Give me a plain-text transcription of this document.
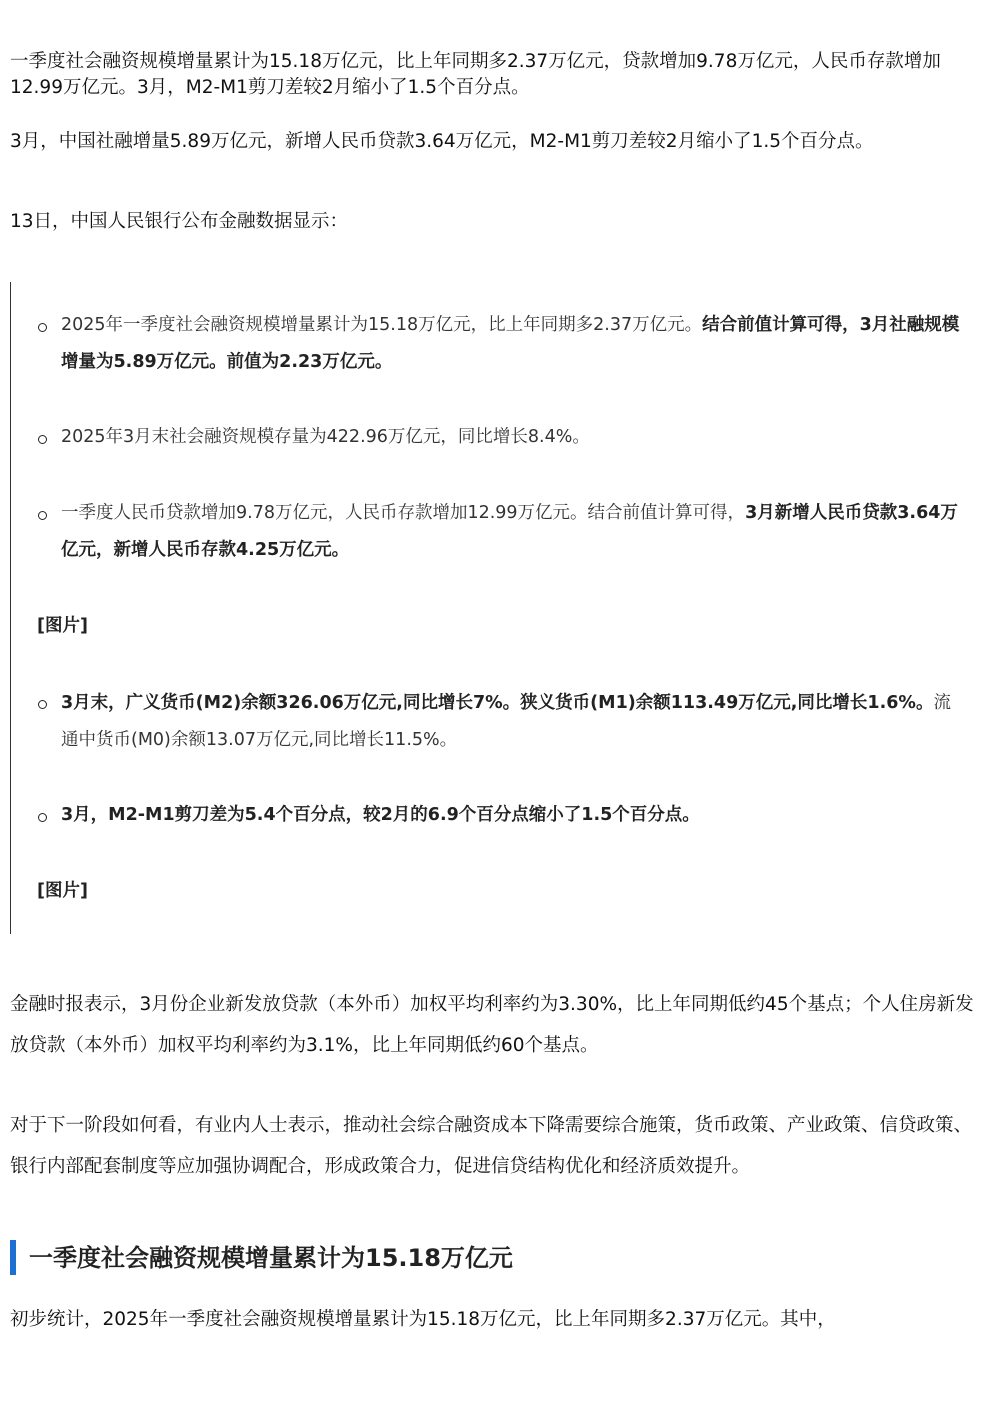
一季度社会融资规模增量累计为15.18万亿元，比上年同期多2.37万亿元，贷款增加9.78万亿元，人民币存款增加12.99万亿元。3月，M2-M1剪刀差较2月缩小了1.5个百分点。

3月，中国社融增量5.89万亿元，新增人民币贷款3.64万亿元，M2-M1剪刀差较2月缩小了1.5个百分点。

13日，中国人民银行公布金融数据显示：

2025年一季度社会融资规模增量累计为15.18万亿元，比上年同期多2.37万亿元。结合前值计算可得，3月社融规模增量为5.89万亿元。前值为2.23万亿元。

2025年3月末社会融资规模存量为422.96万亿元，同比增长8.4%。

一季度人民币贷款增加9.78万亿元，人民币存款增加12.99万亿元。结合前值计算可得，3月新增人民币贷款3.64万亿元，新增人民币存款4.25万亿元。

[图片]

3月末，广义货币(M2)余额326.06万亿元,同比增长7%。狭义货币(M1)余额113.49万亿元,同比增长1.6%。流通中货币(M0)余额13.07万亿元,同比增长11.5%。

3月，M2-M1剪刀差为5.4个百分点，较2月的6.9个百分点缩小了1.5个百分点。

[图片]

金融时报表示，3月份企业新发放贷款（本外币）加权平均利率约为3.30%，比上年同期低约45个基点；个人住房新发放贷款（本外币）加权平均利率约为3.1%，比上年同期低约60个基点。

对于下一阶段如何看，有业内人士表示，推动社会综合融资成本下降需要综合施策，货币政策、产业政策、信贷政策、银行内部配套制度等应加强协调配合，形成政策合力，促进信贷结构优化和经济质效提升。

一季度社会融资规模增量累计为15.18万亿元

初步统计，2025年一季度社会融资规模增量累计为15.18万亿元，比上年同期多2.37万亿元。其中，
